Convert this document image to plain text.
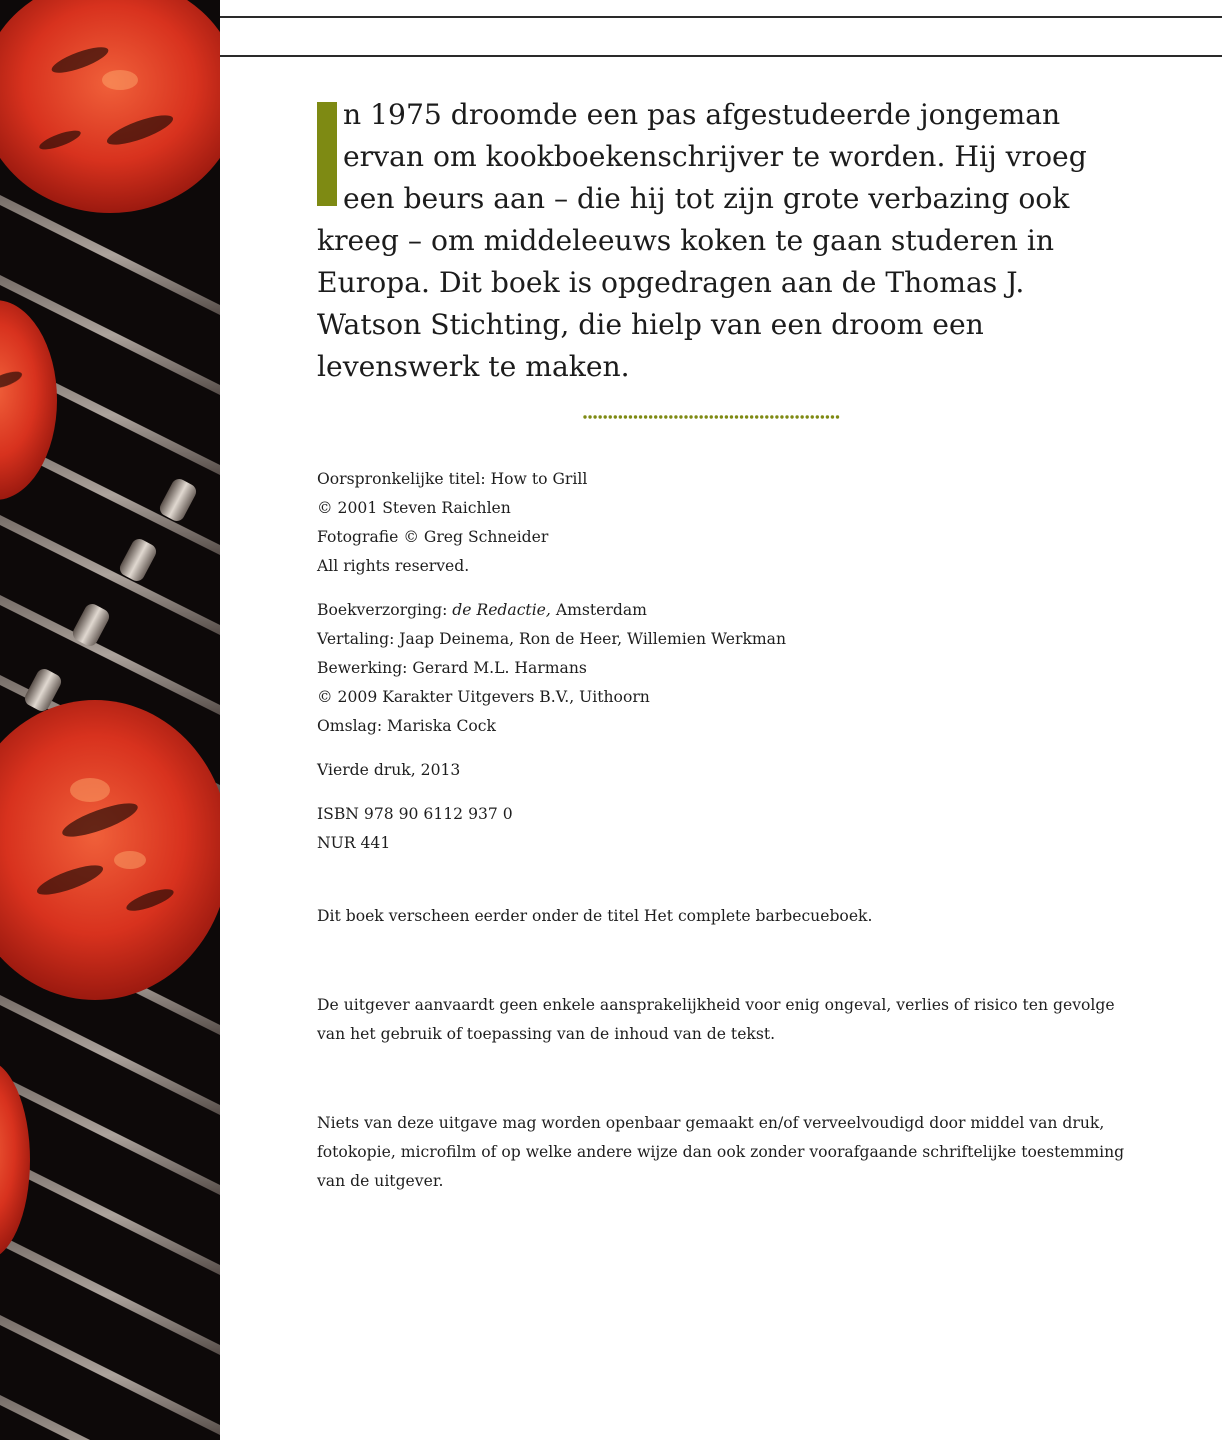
n 1975 droomde een pas afgestudeerde jongeman ervan om kookboekenschrijver te worden. Hij vroeg een beurs aan – die hij tot zijn grote verbazing ook kreeg – om middeleeuws koken te gaan studeren in Europa. Dit boek is opgedragen aan de Thomas J. Watson Stichting, die hielp van een droom een levenswerk te maken.

Oorspronkelijke titel: How to Grill

© 2001 Steven Raichlen

Fotografie © Greg Schneider

All rights reserved.

Boekverzorging: de Redactie, Amsterdam

Vertaling: Jaap Deinema, Ron de Heer, Willemien Werkman

Bewerking: Gerard M.L. Harmans

© 2009 Karakter Uitgevers B.V., Uithoorn

Omslag: Mariska Cock

Vierde druk, 2013

ISBN 978 90 6112 937 0

NUR 441

Dit boek verscheen eerder onder de titel Het complete barbecueboek.

De uitgever aanvaardt geen enkele aansprakelijkheid voor enig ongeval, verlies of risico ten gevolge

van het gebruik of toepassing van de inhoud van de tekst.

Niets van deze uitgave mag worden openbaar gemaakt en/of verveelvoudigd door middel van druk,

fotokopie, microfilm of op welke andere wijze dan ook zonder voorafgaande schriftelijke toestemming

van de uitgever.
